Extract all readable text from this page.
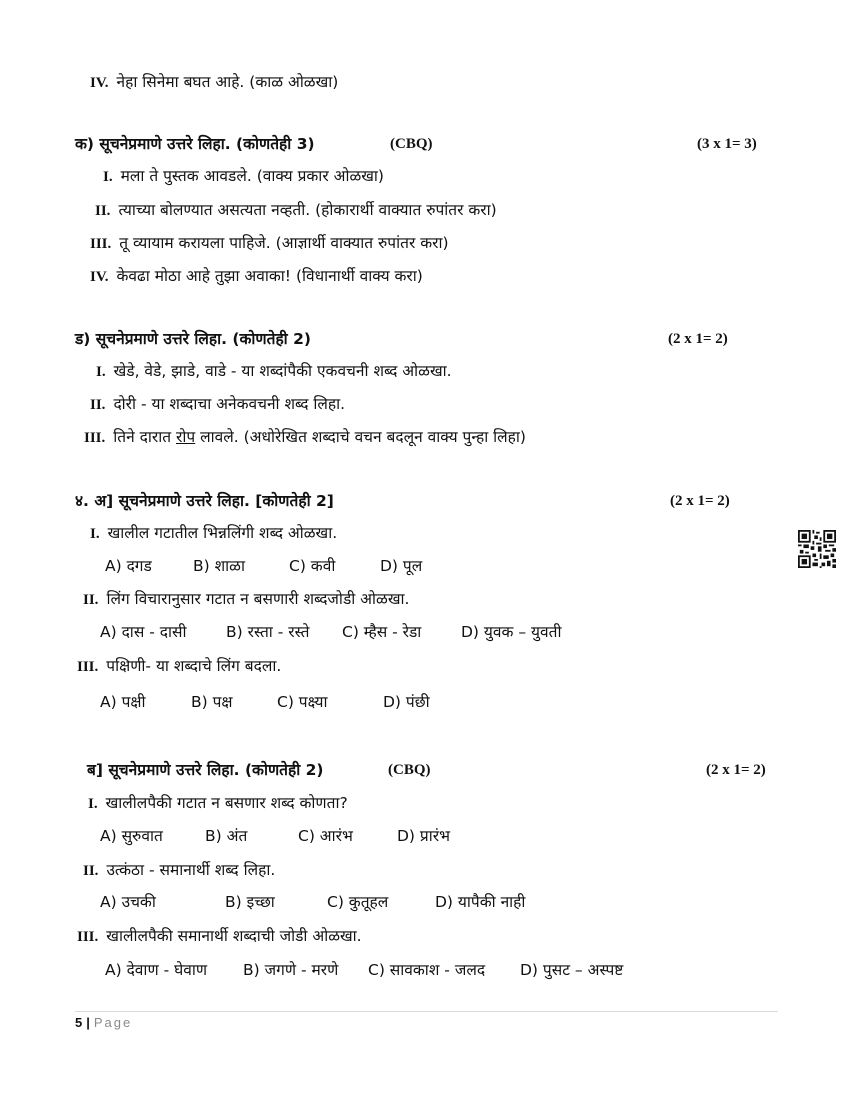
IV. नेहा सिनेमा बघत आहे. (काळ ओळखा)
क) सूचनेप्रमाणे उत्तरे लिहा. (कोणतेही 3)	(CBQ)	(3 x 1= 3)
I. मला ते पुस्तक आवडले. (वाक्य प्रकार ओळखा)
II. त्याच्या बोलण्यात असत्यता नव्हती. (होकारार्थी वाक्यात रुपांतर करा)
III. तू व्यायाम करायला पाहिजे. (आज्ञार्थी वाक्यात रुपांतर करा)
IV. केवढा मोठा आहे तुझा अवाका! (विधानार्थी वाक्य करा)
ड) सूचनेप्रमाणे उत्तरे लिहा. (कोणतेही 2)	(2 x 1= 2)
I. खेडे, वेडे, झाडे, वाडे - या शब्दांपैकी एकवचनी शब्द ओळखा.
II. दोरी - या शब्दाचा अनेकवचनी शब्द लिहा.
III. तिने दारात रोप लावले. (अधोरेखित शब्दाचे वचन बदलून वाक्य पुन्हा लिहा)
४. अ] सूचनेप्रमाणे उत्तरे लिहा. [कोणतेही 2]	(2 x 1= 2)
I. खालील गटातील भिन्नलिंगी शब्द ओळखा.
A) दगड	B) शाळा	C) कवी	D) पूल
II. लिंग विचारानुसार गटात न बसणारी शब्दजोडी ओळखा.
A) दास - दासी	B) रस्ता - रस्ते C) म्हैस - रेडा	D) युवक – युवती
III. पक्षिणी- या शब्दाचे लिंग बदला.
A) पक्षी	B) पक्ष	C) पक्ष्या	D) पंछी
ब] सूचनेप्रमाणे उत्तरे लिहा. (कोणतेही 2)	(CBQ)	(2 x 1= 2)
I. खालीलपैकी गटात न बसणार शब्द कोणता?
A) सुरुवात	B) अंत	C) आरंभ	D) प्रारंभ
II. उत्कंठा - समानार्थी शब्द लिहा.
A) उचकी	B) इच्छा	C) कुतूहल	D) यापैकी नाही
III. खालीलपैकी समानार्थी शब्दाची जोडी ओळखा.
A) देवाण - घेवाण B) जगणे - मरणे C) सावकाश - जलद D) पुसट – अस्पष्ट
5 | Page
